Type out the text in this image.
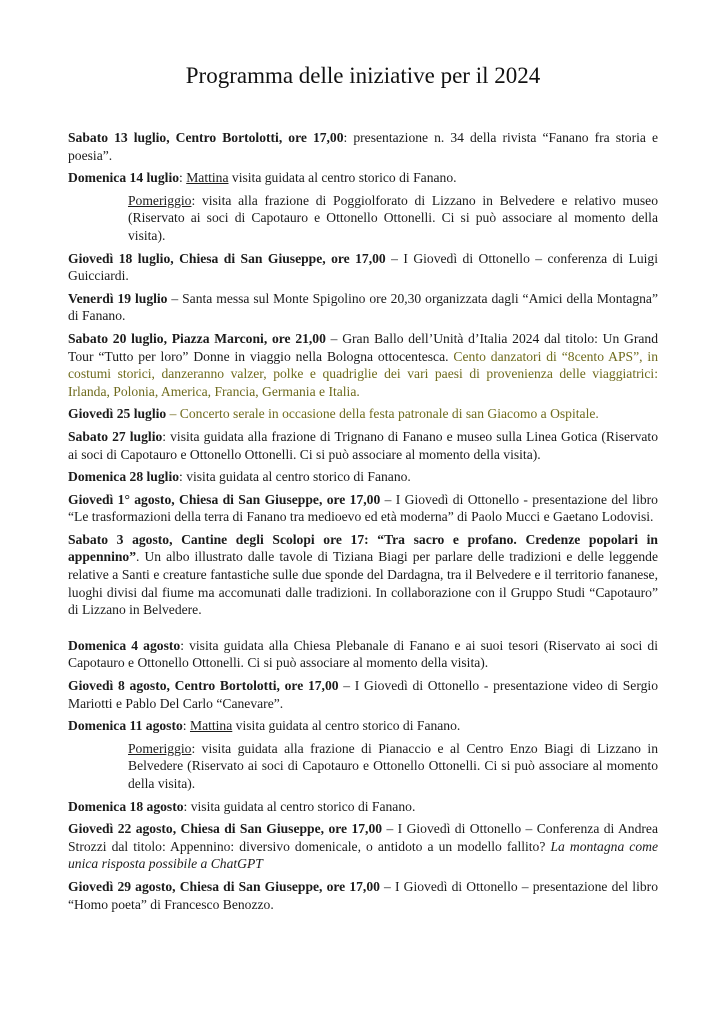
Programma delle iniziative per il 2024

Sabato 13 luglio, Centro Bortolotti, ore 17,00: presentazione n. 34 della rivista “Fanano fra storia e poesia”.

Domenica 14 luglio: Mattina visita guidata al centro storico di Fanano.

Pomeriggio: visita alla frazione di Poggiolforato di Lizzano in Belvedere e relativo museo (Riservato ai soci di Capotauro e Ottonello Ottonelli. Ci si può associare al momento della visita).

Giovedì 18 luglio, Chiesa di San Giuseppe, ore 17,00 – I Giovedì di Ottonello – conferenza di Luigi Guicciardi.

Venerdì 19 luglio – Santa messa sul Monte Spigolino ore 20,30 organizzata dagli “Amici della Montagna” di Fanano.

Sabato 20 luglio, Piazza Marconi, ore 21,00 – Gran Ballo dell’Unità d’Italia 2024 dal titolo: Un Grand Tour “Tutto per loro” Donne in viaggio nella Bologna ottocentesca. Cento danzatori di “8cento APS”, in costumi storici, danzeranno valzer, polke e quadriglie dei vari paesi di provenienza delle viaggiatrici: Irlanda, Polonia, America, Francia, Germania e Italia.

Giovedì 25 luglio – Concerto serale in occasione della festa patronale di san Giacomo a Ospitale.

Sabato 27 luglio: visita guidata alla frazione di Trignano di Fanano e museo sulla Linea Gotica (Riservato ai soci di Capotauro e Ottonello Ottonelli. Ci si può associare al momento della visita).

Domenica 28 luglio: visita guidata al centro storico di Fanano.

Giovedì 1° agosto, Chiesa di San Giuseppe, ore 17,00 – I Giovedì di Ottonello - presentazione del libro “Le trasformazioni della terra di Fanano tra medioevo ed età moderna” di Paolo Mucci e Gaetano Lodovisi.

Sabato 3 agosto, Cantine degli Scolopi ore 17: “Tra sacro e profano. Credenze popolari in appennino”. Un albo illustrato dalle tavole di Tiziana Biagi per parlare delle tradizioni e delle leggende relative a Santi e creature fantastiche sulle due sponde del Dardagna, tra il Belvedere e il territorio fananese, luoghi divisi dal fiume ma accomunati dalle tradizioni. In collaborazione con il Gruppo Studi “Capotauro” di Lizzano in Belvedere.

Domenica 4 agosto: visita guidata alla Chiesa Plebanale di Fanano e ai suoi tesori (Riservato ai soci di Capotauro e Ottonello Ottonelli. Ci si può associare al momento della visita).

Giovedì 8 agosto, Centro Bortolotti, ore 17,00 – I Giovedì di Ottonello - presentazione video di Sergio Mariotti e Pablo Del Carlo “Canevare”.

Domenica 11 agosto: Mattina visita guidata al centro storico di Fanano.

Pomeriggio: visita guidata alla frazione di Pianaccio e al Centro Enzo Biagi di Lizzano in Belvedere (Riservato ai soci di Capotauro e Ottonello Ottonelli. Ci si può associare al momento della visita).

Domenica 18 agosto: visita guidata al centro storico di Fanano.

Giovedì 22 agosto, Chiesa di San Giuseppe, ore 17,00 – I Giovedì di Ottonello – Conferenza di Andrea Strozzi dal titolo: Appennino: diversivo domenicale, o antidoto a un modello fallito? La montagna come unica risposta possibile a ChatGPT

Giovedì 29 agosto, Chiesa di San Giuseppe, ore 17,00 – I Giovedì di Ottonello – presentazione del libro “Homo poeta” di Francesco Benozzo.
